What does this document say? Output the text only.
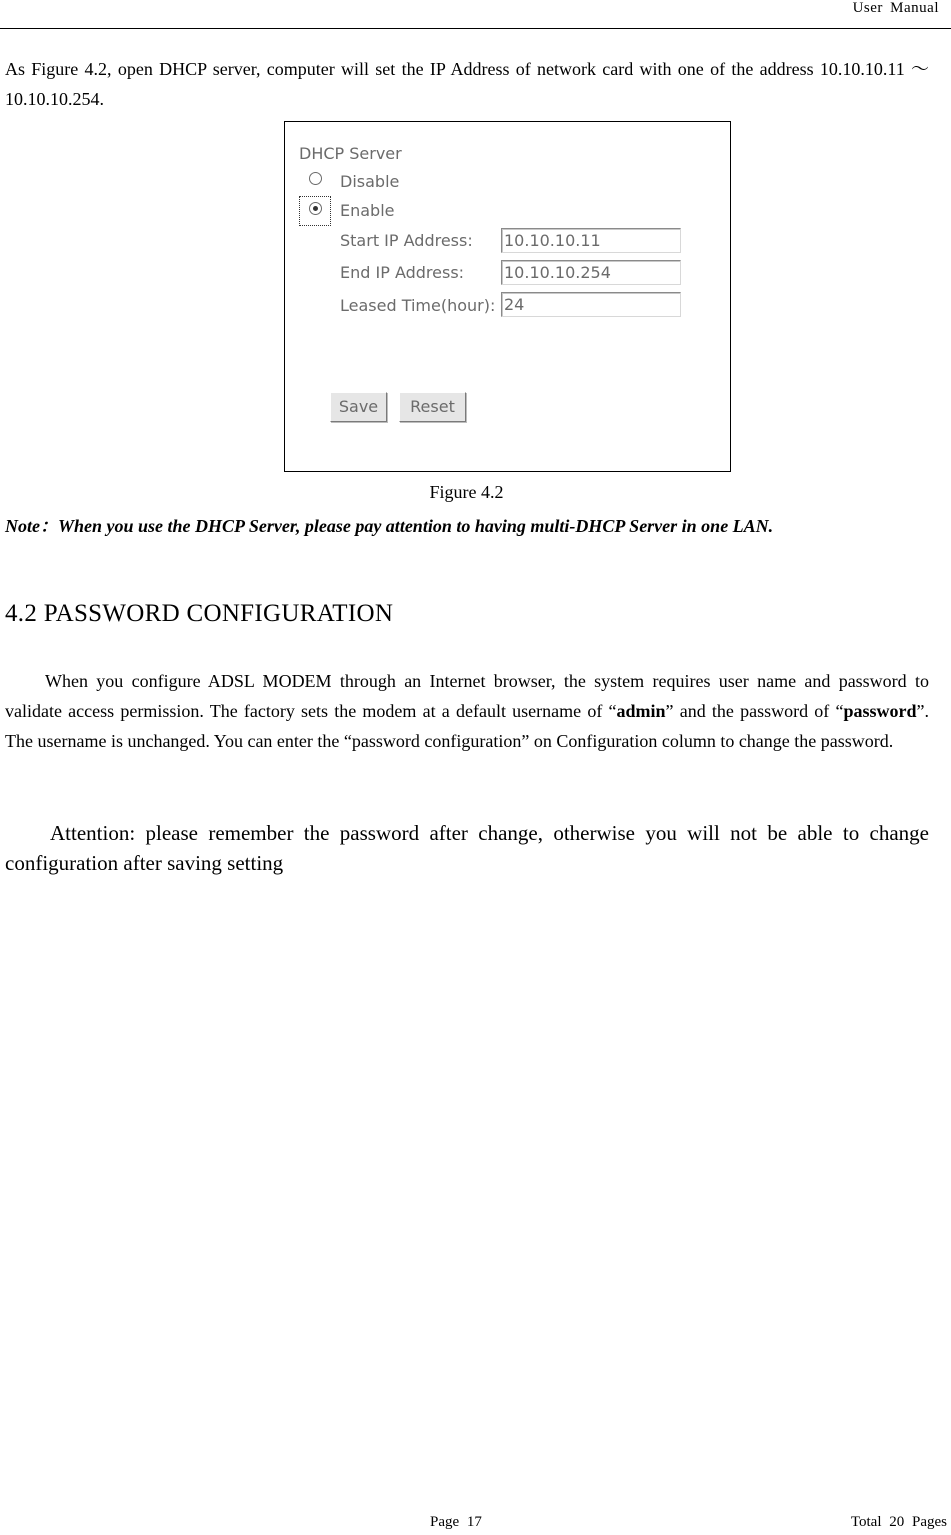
User Manual
As Figure 4.2, open DHCP server, computer will set the IP Address of network card with one of the address 10.10.10.11 ～ 10.10.10.254.
DHCP Server
Disable
Enable
Start IP Address: 10.10.10.11
End IP Address: 10.10.10.254
Leased Time(hour): 24
Save	Reset
Figure 4.2
Note：When you use the DHCP Server, please pay attention to having multi-DHCP Server in one LAN.
4.2 PASSWORD CONFIGURATION
When you configure ADSL MODEM through an Internet browser, the system requires user name and password to validate access permission. The factory sets the modem at a default username of “admin” and the password of “password”. The username is unchanged. You can enter the “password configuration” on Configuration column to change the password.
Attention: please remember the password after change, otherwise you will not be able to change configuration after saving setting
Page 17	Total 20 Pages
